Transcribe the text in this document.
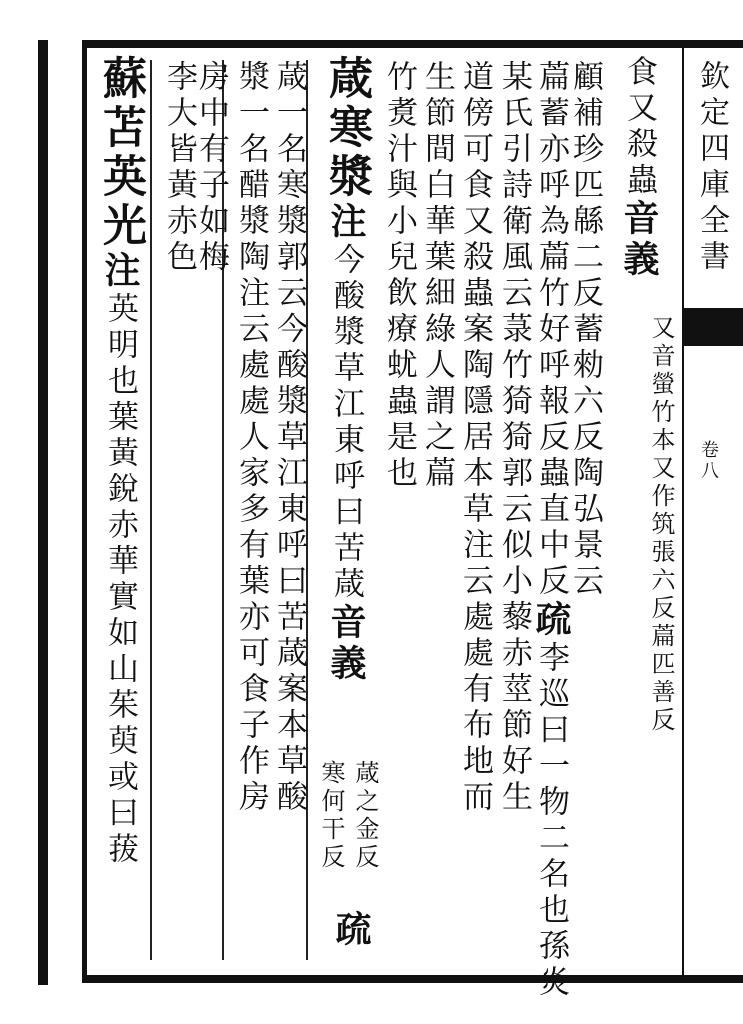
欽定四庫全書
卷八
食又殺蟲音義
又音螢竹本又作筑張六反萹匹善反
顧補珍匹緜二反蓄勑六反陶弘景云
萹蓄亦呼為萹竹好呼報反蟲直中反疏李巡曰一物二名也孫炎
某氏引詩衛風云菉竹猗猗郭云似小藜赤莖節好生
道傍可食又殺蟲案陶隱居本草注云處處有布地而
生節間白華葉細綠人謂之萹
竹煑汁與小兒飲療蚘蟲是也
葴寒漿注今酸漿草江東呼曰苦葴音義
葴之金反
寒何干反
疏
葴一名寒漿郭云今酸漿草江東呼曰苦葴案本草酸
漿一名醋漿陶注云處處人家多有葉亦可食子作房
房中有子如梅
李大皆黃赤色
蘇苫英光注英明也葉黃銳赤華實如山茱萸或曰菝
